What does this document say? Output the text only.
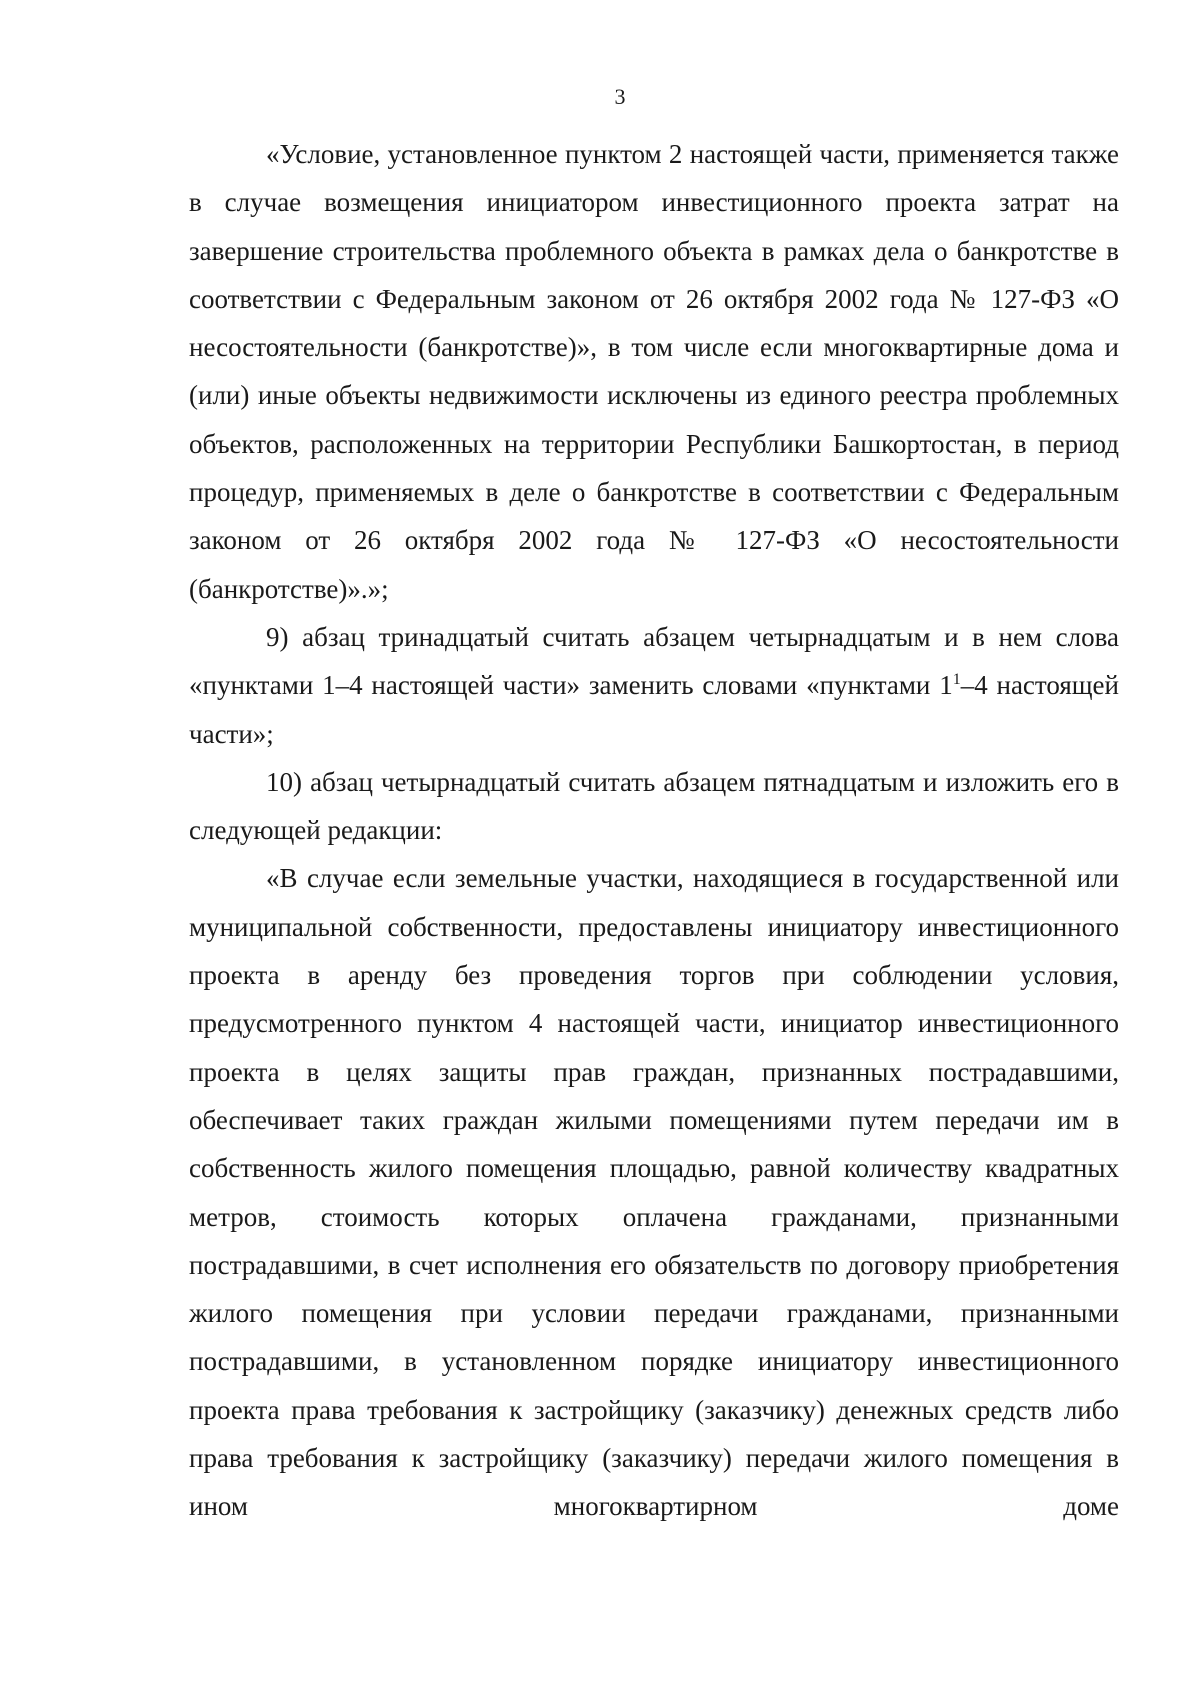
3

«Условие, установленное пунктом 2 настоящей части, применяется также в случае возмещения инициатором инвестиционного проекта затрат на завершение строительства проблемного объекта в рамках дела о банкротстве в соответствии с Федеральным законом от 26 октября 2002 года № 127-ФЗ «О несостоятельности (банкротстве)», в том числе если многоквартирные дома и (или) иные объекты недвижимости исключены из единого реестра проблемных объектов, расположенных на территории Республики Башкортостан, в период процедур, применяемых в деле о банкротстве в соответствии с Федеральным законом от 26 октября 2002 года № 127-ФЗ «О несостоятельности (банкротстве)».»;

9) абзац тринадцатый считать абзацем четырнадцатым и в нем слова «пунктами 1–4 настоящей части» заменить словами «пунктами $1^1-4$ настоящей части»;

10) абзац четырнадцатый считать абзацем пятнадцатым и изложить его в следующей редакции:

«В случае если земельные участки, находящиеся в государственной или муниципальной собственности, предоставлены инициатору инвестиционного проекта в аренду без проведения торгов при соблюдении условия, предусмотренного пунктом 4 настоящей части, инициатор инвестиционного проекта в целях защиты прав граждан, признанных пострадавшими, обеспечивает таких граждан жилыми помещениями путем передачи им в собственность жилого помещения площадью, равной количеству квадратных метров, стоимость которых оплачена гражданами, признанными пострадавшими, в счет исполнения его обязательств по договору приобретения жилого помещения при условии передачи гражданами, признанными пострадавшими, в установленном порядке инициатору инвестиционного проекта права требования к застройщику (заказчику) денежных средств либо права требования к застройщику (заказчику) передачи жилого помещения в ином многоквартирном доме
